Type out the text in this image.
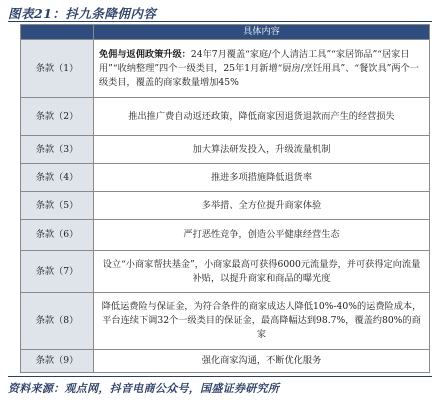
图表21：抖九条降佣内容
	具体内容
条款（1）	免佣与返佣政策升级：24年7月覆盖“家庭/个人清洁工具”“家居饰品”“居家日用”“收纳整理”四个一级类目，25年1月新增“厨房/烹饪用具”、“餐饮具”两个一级类目，覆盖的商家数量增加45%
条款（2）	推出推广费自动返还政策，降低商家因退货退款而产生的经营损失
条款（3）	加大算法研发投入，升级流量机制
条款（4）	推进多项措施降低退货率
条款（5）	多举措、全方位提升商家体验
条款（6）	严打恶性竞争，创造公平健康经营生态
条款（7）	设立“小商家帮扶基金”，小商家最高可获得6000元流量券，并可获得定向流量补贴，以提升商家和商品的曝光度
条款（8）	降低运费险与保证金，为符合条件的商家成达人降低10%-40%的运费险成本，平台连续下调32个一级类目的保证金，最高降幅达到98.7%，覆盖约80%的商家
条款（9）	强化商家沟通，不断优化服务
资料来源：观点网，抖音电商公众号，国盛证券研究所
